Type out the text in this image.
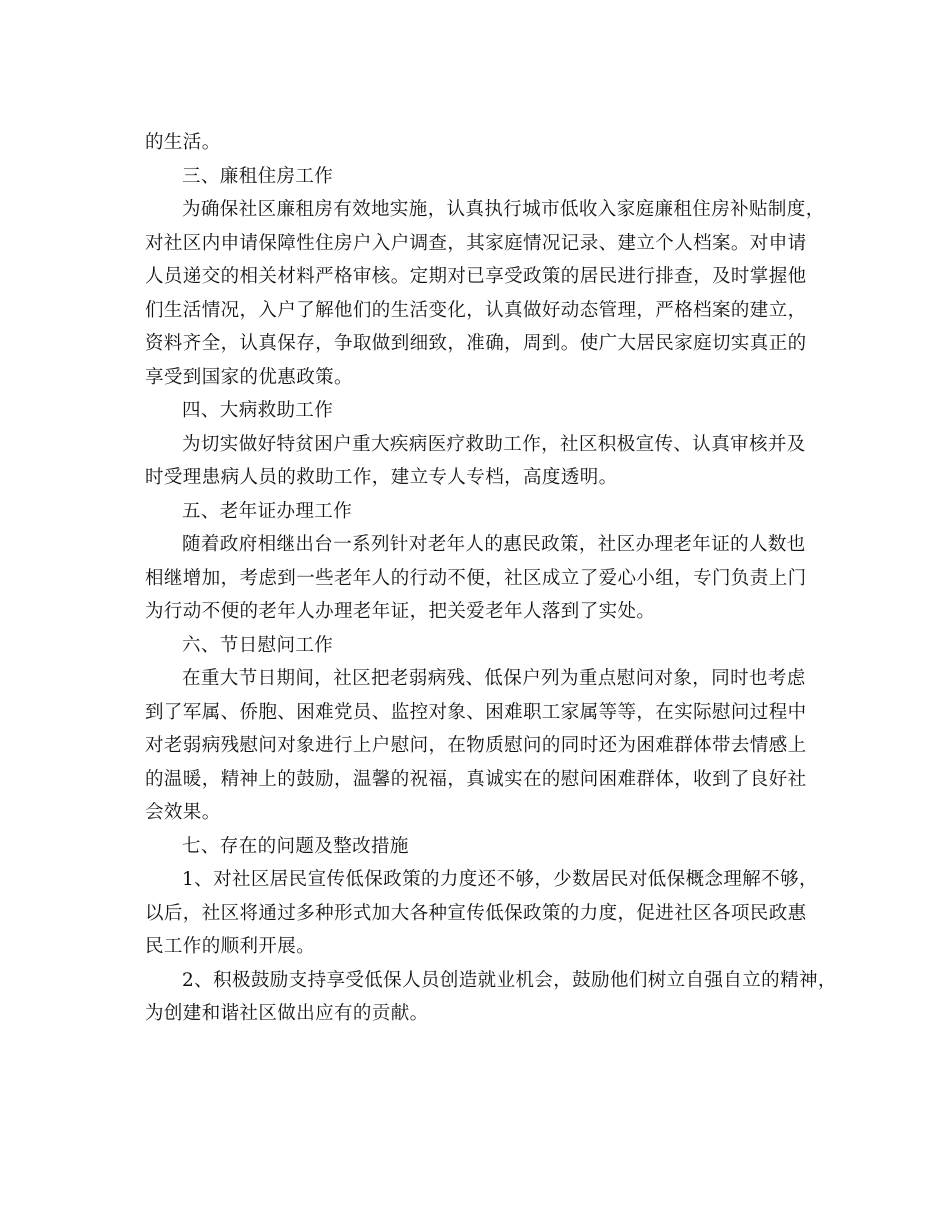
的生活。
三、廉租住房工作
为确保社区廉租房有效地实施，认真执行城市低收入家庭廉租住房补贴制度，
对社区内申请保障性住房户入户调查，其家庭情况记录、建立个人档案。对申请
人员递交的相关材料严格审核。定期对已享受政策的居民进行排查，及时掌握他
们生活情况，入户了解他们的生活变化，认真做好动态管理，严格档案的建立，
资料齐全，认真保存，争取做到细致，准确，周到。使广大居民家庭切实真正的
享受到国家的优惠政策。
四、大病救助工作
为切实做好特贫困户重大疾病医疗救助工作，社区积极宣传、认真审核并及
时受理患病人员的救助工作，建立专人专档，高度透明。
五、老年证办理工作
随着政府相继出台一系列针对老年人的惠民政策，社区办理老年证的人数也
相继增加，考虑到一些老年人的行动不便，社区成立了爱心小组，专门负责上门
为行动不便的老年人办理老年证，把关爱老年人落到了实处。
六、节日慰问工作
在重大节日期间，社区把老弱病残、低保户列为重点慰问对象，同时也考虑
到了军属、侨胞、困难党员、监控对象、困难职工家属等等，在实际慰问过程中
对老弱病残慰问对象进行上户慰问，在物质慰问的同时还为困难群体带去情感上
的温暖，精神上的鼓励，温馨的祝福，真诚实在的慰问困难群体，收到了良好社
会效果。
七、存在的问题及整改措施
1、对社区居民宣传低保政策的力度还不够，少数居民对低保概念理解不够，
以后，社区将通过多种形式加大各种宣传低保政策的力度，促进社区各项民政惠
民工作的顺利开展。
2、积极鼓励支持享受低保人员创造就业机会，鼓励他们树立自强自立的精神，
为创建和谐社区做出应有的贡献。
